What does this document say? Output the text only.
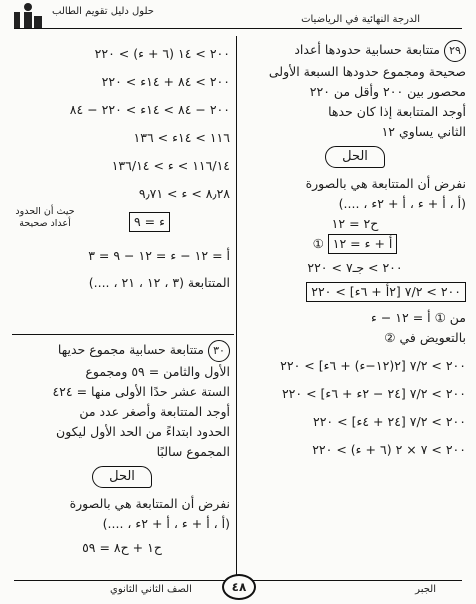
حلول دليل تقويم الطالب
الدرجة النهائية في الرياضيات
٢٩متتابعة حسابية حدودها أعداد
صحيحة ومجموع حدودها السبعة الأولى
محصور بين ٢٠٠ وأقل من ٢٢٠
أوجد المتتابعة إذا كان حدها
الثاني يساوي ١٢
الحل
نفرض أن المتتابعة هي بالصورة
(أ ، أ + ء ، أ + ٢ء ، ....)
ح٢ = ١٢
أ + ء = ١٢ ①
٢٠٠ > جـ٧ > ٢٢٠
٢٠٠ > ٧/٢ [٢أ + ٦ء] > ٢٢٠
من ① أ = ١٢ − ء
بالتعويض في ②
٢٠٠ > ٧/٢ [٢(١٢−ء) + ٦ء] > ٢٢٠
٢٠٠ > ٧/٢ [٢٤ − ٢ء + ٦ء] > ٢٢٠
٢٠٠ > ٧/٢ [٢٤ + ٤ء] > ٢٢٠
٢٠٠ > ٧ × ٢ (٦ + ء) > ٢٢٠
٢٠٠ > ١٤ (٦ + ء) > ٢٢٠
٢٠٠ > ٨٤ + ١٤ء > ٢٢٠
٢٠٠ − ٨٤ > ١٤ء > ٢٢٠ − ٨٤
١١٦ > ١٤ء > ١٣٦
١١٦/١٤ > ء > ١٣٦/١٤
٨٫٢٨ > ء > ٩٫٧١
ء = ٩
أ = ١٢ − ء = ١٢ − ٩ = ٣
المتتابعة (٣ ، ١٢ ، ٢١ ، ....)
حيث أن الحدود أعداد صحيحة
٣٠متتابعة حسابية مجموع حديها
الأول والثامن = ٥٩ ومجموع
الستة عشر حدًا الأولى منها = ٤٢٤
أوجد المتتابعة وأصغر عدد من
الحدود ابتداءً من الحد الأول ليكون
المجموع سالبًا
الحل
نفرض أن المتتابعة هي بالصورة
(أ ، أ + ء ، أ + ٢ء ، ....)
ح١ + ح٨ = ٥٩
الصف الثاني الثانوي	٤٨	الجبر
